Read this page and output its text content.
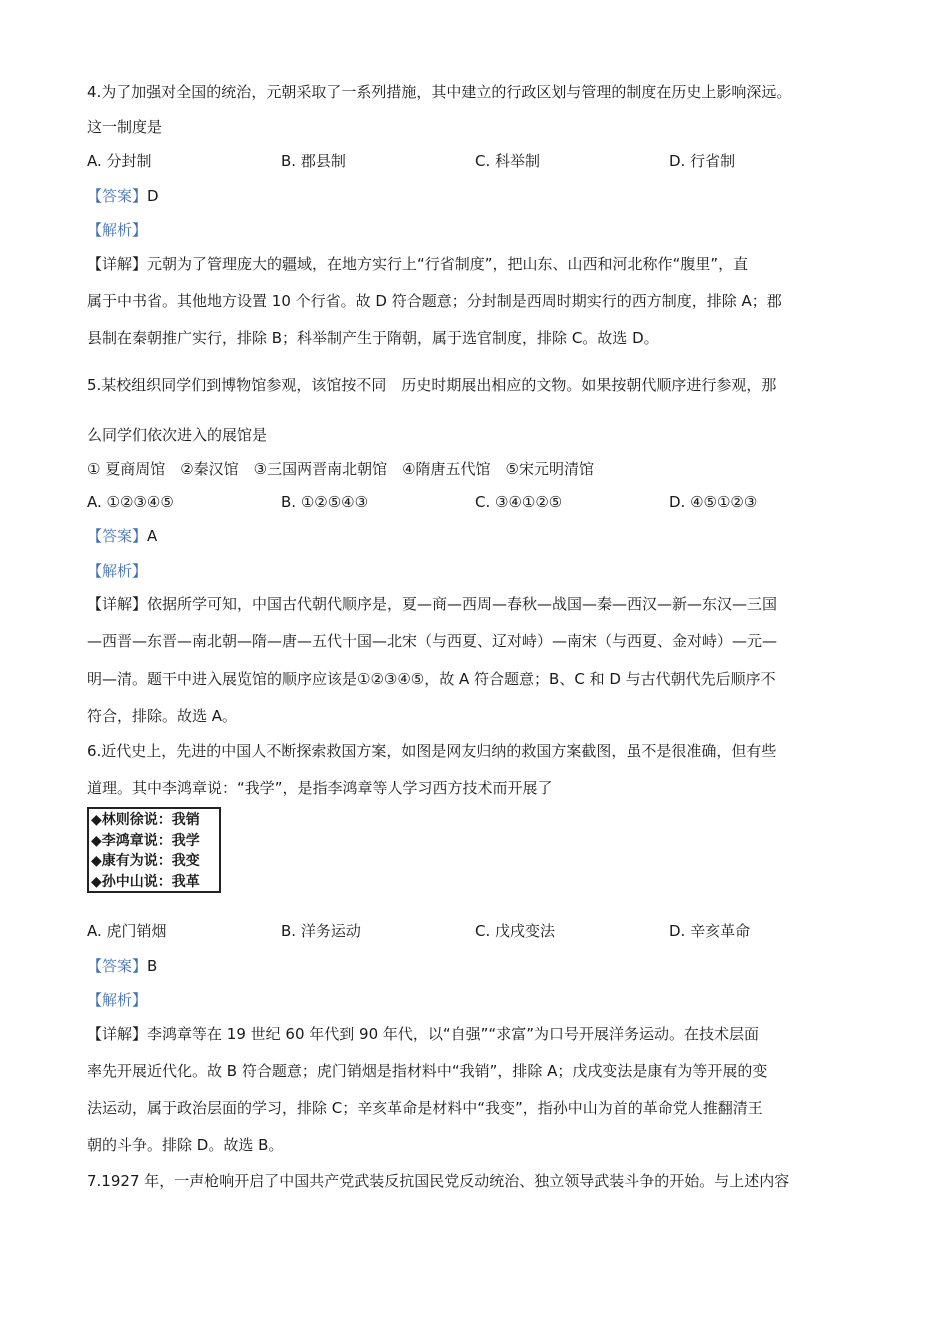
4.为了加强对全国的统治，元朝采取了一系列措施，其中建立的行政区划与管理的制度在历史上影响深远。
这一制度是
A. 分封制	B. 郡县制	C. 科举制	D. 行省制
【答案】D
【解析】
【详解】元朝为了管理庞大的疆域，在地方实行上“行省制度”，把山东、山西和河北称作“腹里”，直
属于中书省。其他地方设置 10 个行省。故 D 符合题意；分封制是西周时期实行的西方制度，排除 A；郡
县制在秦朝推广实行，排除 B；科举制产生于隋朝，属于选官制度，排除 C。故选 D。
5.某校组织同学们到博物馆参观，该馆按不同　历史时期展出相应的文物。如果按朝代顺序进行参观，那
么同学们依次进入的展馆是
① 夏商周馆　②秦汉馆　③三国两晋南北朝馆　④隋唐五代馆　⑤宋元明清馆
A. ①②③④⑤	B. ①②⑤④③	C. ③④①②⑤	D. ④⑤①②③
【答案】A
【解析】
【详解】依据所学可知，中国古代朝代顺序是，夏—商—西周—春秋—战国—秦—西汉—新—东汉—三国
—西晋—东晋—南北朝—隋—唐—五代十国—北宋（与西夏、辽对峙）—南宋（与西夏、金对峙）—元—
明—清。题干中进入展览馆的顺序应该是①②③④⑤，故 A 符合题意；B、C 和 D 与古代朝代先后顺序不
符合，排除。故选 A。
6.近代史上，先进的中国人不断探索救国方案，如图是网友归纳的救国方案截图，虽不是很准确，但有些
道理。其中李鸿章说：“我学”，是指李鸿章等人学习西方技术而开展了
◆林则徐说：我销
◆李鸿章说：我学
◆康有为说：我变
◆孙中山说：我革
A. 虎门销烟	B. 洋务运动	C. 戊戌变法	D. 辛亥革命
【答案】B
【解析】
【详解】李鸿章等在 19 世纪 60 年代到 90 年代，以“自强”“求富”为口号开展洋务运动。在技术层面
率先开展近代化。故 B 符合题意；虎门销烟是指材料中“我销”，排除 A；戊戌变法是康有为等开展的变
法运动，属于政治层面的学习，排除 C；辛亥革命是材料中“我变”，指孙中山为首的革命党人推翻清王
朝的斗争。排除 D。故选 B。
7.1927 年，一声枪响开启了中国共产党武装反抗国民党反动统治、独立领导武装斗争的开始。与上述内容
